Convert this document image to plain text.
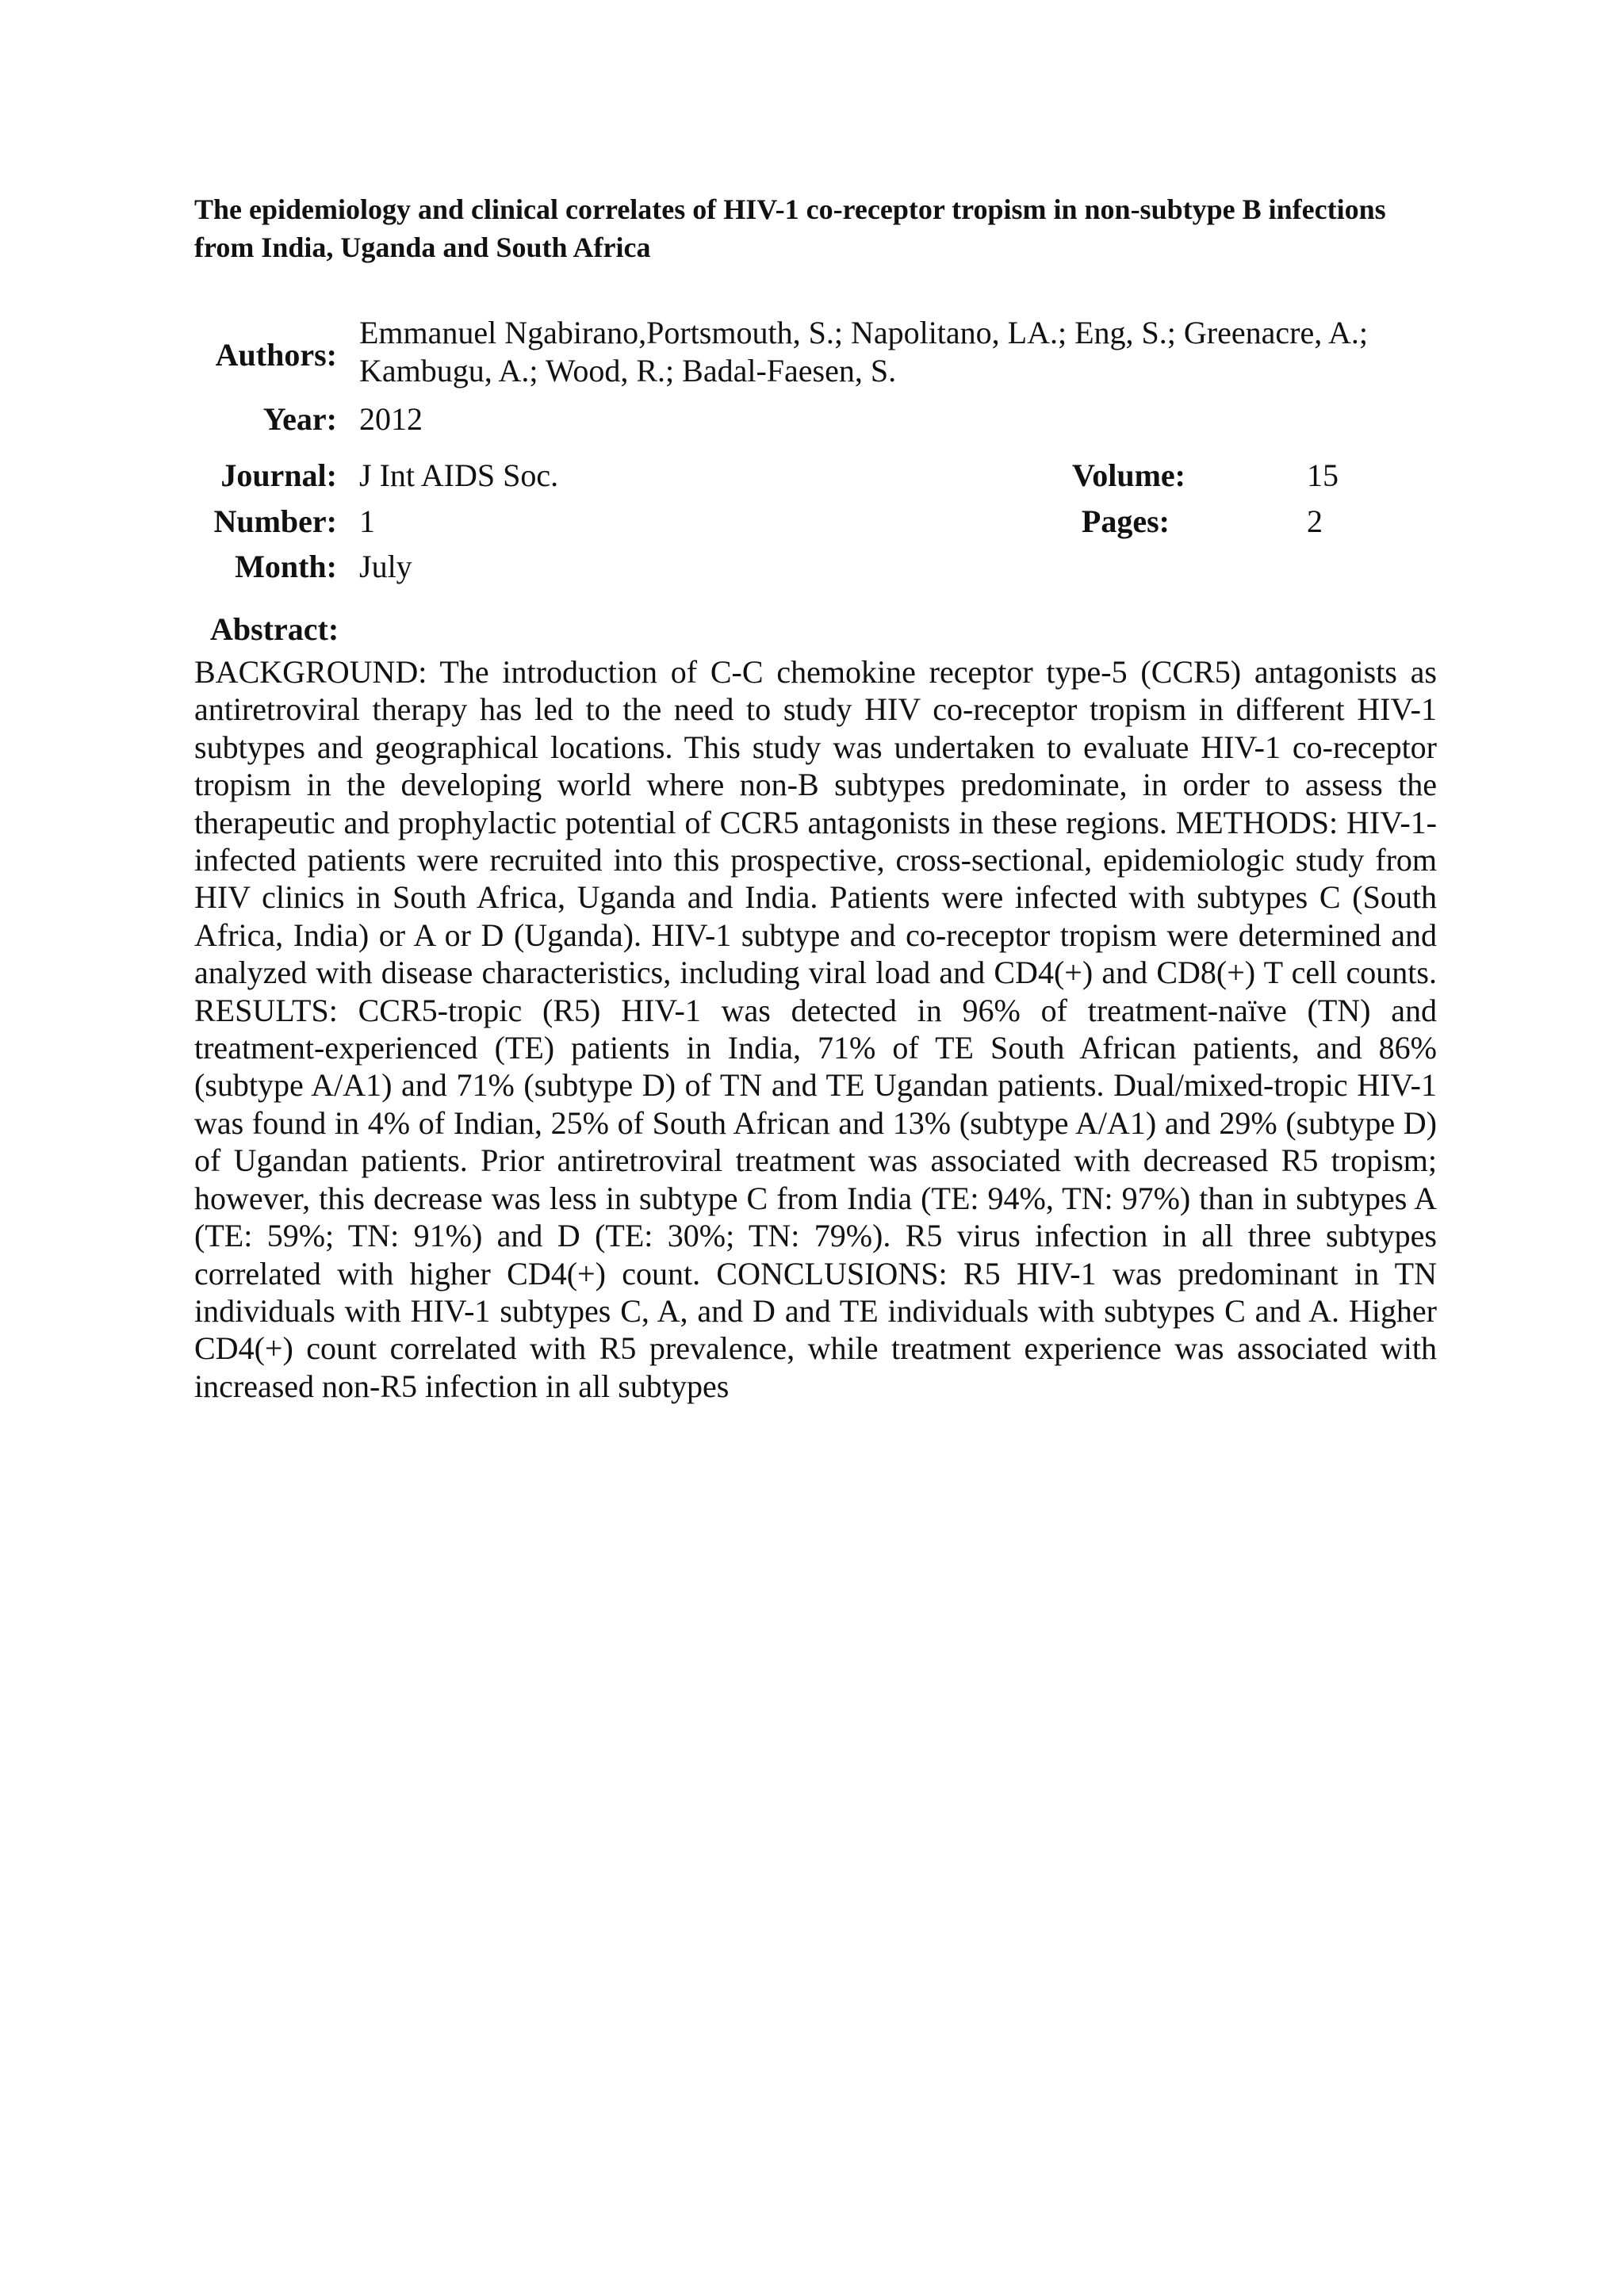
The epidemiology and clinical correlates of HIV-1 co-receptor tropism in non-subtype B infections from India, Uganda and South Africa
Authors:
Emmanuel Ngabirano,Portsmouth, S.; Napolitano, LA.; Eng, S.; Greenacre, A.; Kambugu, A.; Wood, R.; Badal-Faesen, S.
Year: 2012
Journal: J Int AIDS Soc.	Volume:	15
Number: 1	Pages:	2
Month: July
Abstract:

BACKGROUND: The introduction of C-C chemokine receptor type-5 (CCR5) antagonists as antiretroviral therapy has led to the need to study HIV co-receptor tropism in different HIV-1 subtypes and geographical locations. This study was undertaken to evaluate HIV-1 co-receptor tropism in the developing world where non-B subtypes predominate, in order to assess the therapeutic and prophylactic potential of CCR5 antagonists in these regions. METHODS: HIV-1-infected patients were recruited into this prospective, cross-sectional, epidemiologic study from HIV clinics in South Africa, Uganda and India. Patients were infected with subtypes C (South Africa, India) or A or D (Uganda). HIV-1 subtype and co-receptor tropism were determined and analyzed with disease characteristics, including viral load and CD4(+) and CD8(+) T cell counts. RESULTS: CCR5-tropic (R5) HIV-1 was detected in 96% of treatment-naïve (TN) and treatment-experienced (TE) patients in India, 71% of TE South African patients, and 86% (subtype A/A1) and 71% (subtype D) of TN and TE Ugandan patients. Dual/mixed-tropic HIV-1 was found in 4% of Indian, 25% of South African and 13% (subtype A/A1) and 29% (subtype D) of Ugandan patients. Prior antiretroviral treatment was associated with decreased R5 tropism; however, this decrease was less in subtype C from India (TE: 94%, TN: 97%) than in subtypes A (TE: 59%; TN: 91%) and D (TE: 30%; TN: 79%). R5 virus infection in all three subtypes correlated with higher CD4(+) count. CONCLUSIONS: R5 HIV-1 was predominant in TN individuals with HIV-1 subtypes C, A, and D and TE individuals with subtypes C and A. Higher CD4(+) count correlated with R5 prevalence, while treatment experience was associated with increased non-R5 infection in all subtypes
